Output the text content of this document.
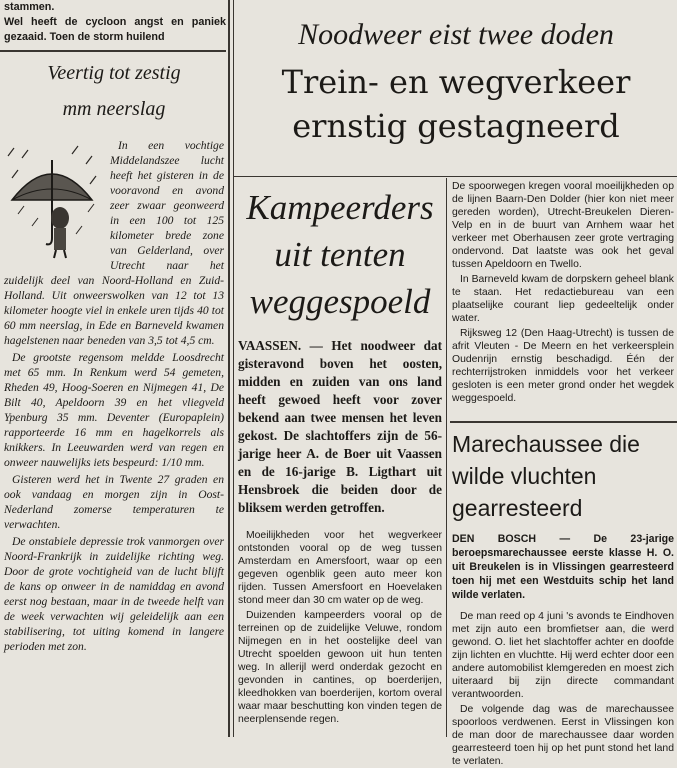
stammen.
Wel heeft de cycloon angst en paniek gezaaid. Toen de storm huilend
Veertig tot zestig
mm neerslag

In een vochtige Middelandszee lucht heeft het gisteren in de vooravond en avond zeer zwaar geonweerd in een 100 tot 125 kilometer brede zone van Gelderland, over Utrecht naar het zuidelijk deel van Noord-Holland en Zuid-Holland. Uit onweerswolken van 12 tot 13 kilometer hoogte viel in enkele uren tijds 40 tot 60 mm neerslag, in Ede en Barneveld kwamen hagelstenen naar beneden van 3,5 tot 4,5 cm.

De grootste regensom meldde Loosdrecht met 65 mm. In Renkum werd 54 gemeten, Rheden 49, Hoog-Soeren en Nijmegen 41, De Bilt 40, Apeldoorn 39 en het vliegveld Ypenburg 35 mm. Deventer (Europaplein) rapporteerde 16 mm en hagelkorrels als knikkers. In Leeuwarden werd van regen en onweer nauwelijks iets bespeurd: 1/10 mm.

Gisteren werd het in Twente 27 graden en ook vandaag en morgen zijn in Oost-Nederland zomerse temperaturen te verwachten.

De onstabiele depressie trok vanmorgen over Noord-Frankrijk in zuidelijke richting weg. Door de grote vochtigheid van de lucht blijft de kans op onweer in de namiddag en avond eerst nog bestaan, maar in de tweede helft van de week verwachten wij geleidelijk aan een stabilisering, tot uiting komend in langere perioden met zon.

Noodweer eist twee doden
Trein- en wegverkeer
ernstig gestagneerd
Kampeerders
uit tenten
weggespoeld
VAASSEN. — Het noodweer dat gisteravond boven het oosten, midden en zuiden van ons land heeft gewoed heeft voor zover bekend aan twee mensen het leven gekost. De slachtoffers zijn de 56-jarige heer A. de Boer uit Vaassen en de 16-jarige B. Ligthart uit Hensbroek die beiden door de bliksem werden getroffen.

Moeilijkheden voor het wegverkeer ontstonden vooral op de weg tussen Amsterdam en Amersfoort, waar op een gegeven ogenblik geen auto meer kon rijden. Tussen Amersfoort en Hoevelaken stond meer dan 30 cm water op de weg.

Duizenden kampeerders vooral op de terreinen op de zuidelijke Veluwe, rondom Nijmegen en in het oostelijke deel van Utrecht spoelden gewoon uit hun tenten weg. In allerijl werd onderdak gezocht en gevonden in cantines, op boerderijen, kleedhokken van boerderijen, kortom overal waar maar beschutting kon vinden tegen de neerplensende regen.

De spoorwegen kregen vooral moeilijkheden op de lijnen Baarn-Den Dolder (hier kon niet meer gereden worden), Utrecht-Breukelen Dieren-Velp en in de buurt van Arnhem waar het verkeer met Oberhausen zeer grote vertraging ondervond. Dat laatste was ook het geval tussen Apeldoorn en Twello.

In Barneveld kwam de dorpskern geheel blank te staan. Het redactiebureau van een plaatselijke courant liep gedeeltelijk onder water.

Rijksweg 12 (Den Haag-Utrecht) is tussen de afrit Vleuten - De Meern en het verkeersplein Oudenrijn ernstig beschadigd. Één der rechterrijstroken inmiddels voor het verkeer gesloten is een meter grond onder het wegdek weggespoeld.

Marechaussee die
wilde vluchten
gearresteerd
DEN BOSCH — De 23-jarige beroepsmarechaussee eerste klasse H. O. uit Breukelen is in Vlissingen gearresteerd toen hij met een Westduits schip het land wilde verlaten.

De man reed op 4 juni 's avonds te Eindhoven met zijn auto een bromfietser aan, die werd gewond. O. liet het slachtoffer achter en doofde zijn lichten en vluchtte. Hij werd echter door een andere automobilist klemgereden en moest zich uiteraard bij zijn directe commandant verantwoorden.

De volgende dag was de marechaussee spoorloos verdwenen. Eerst in Vlissingen kon de man door de marechaussee daar worden gearresteerd toen hij op het punt stond het land te verlaten.
